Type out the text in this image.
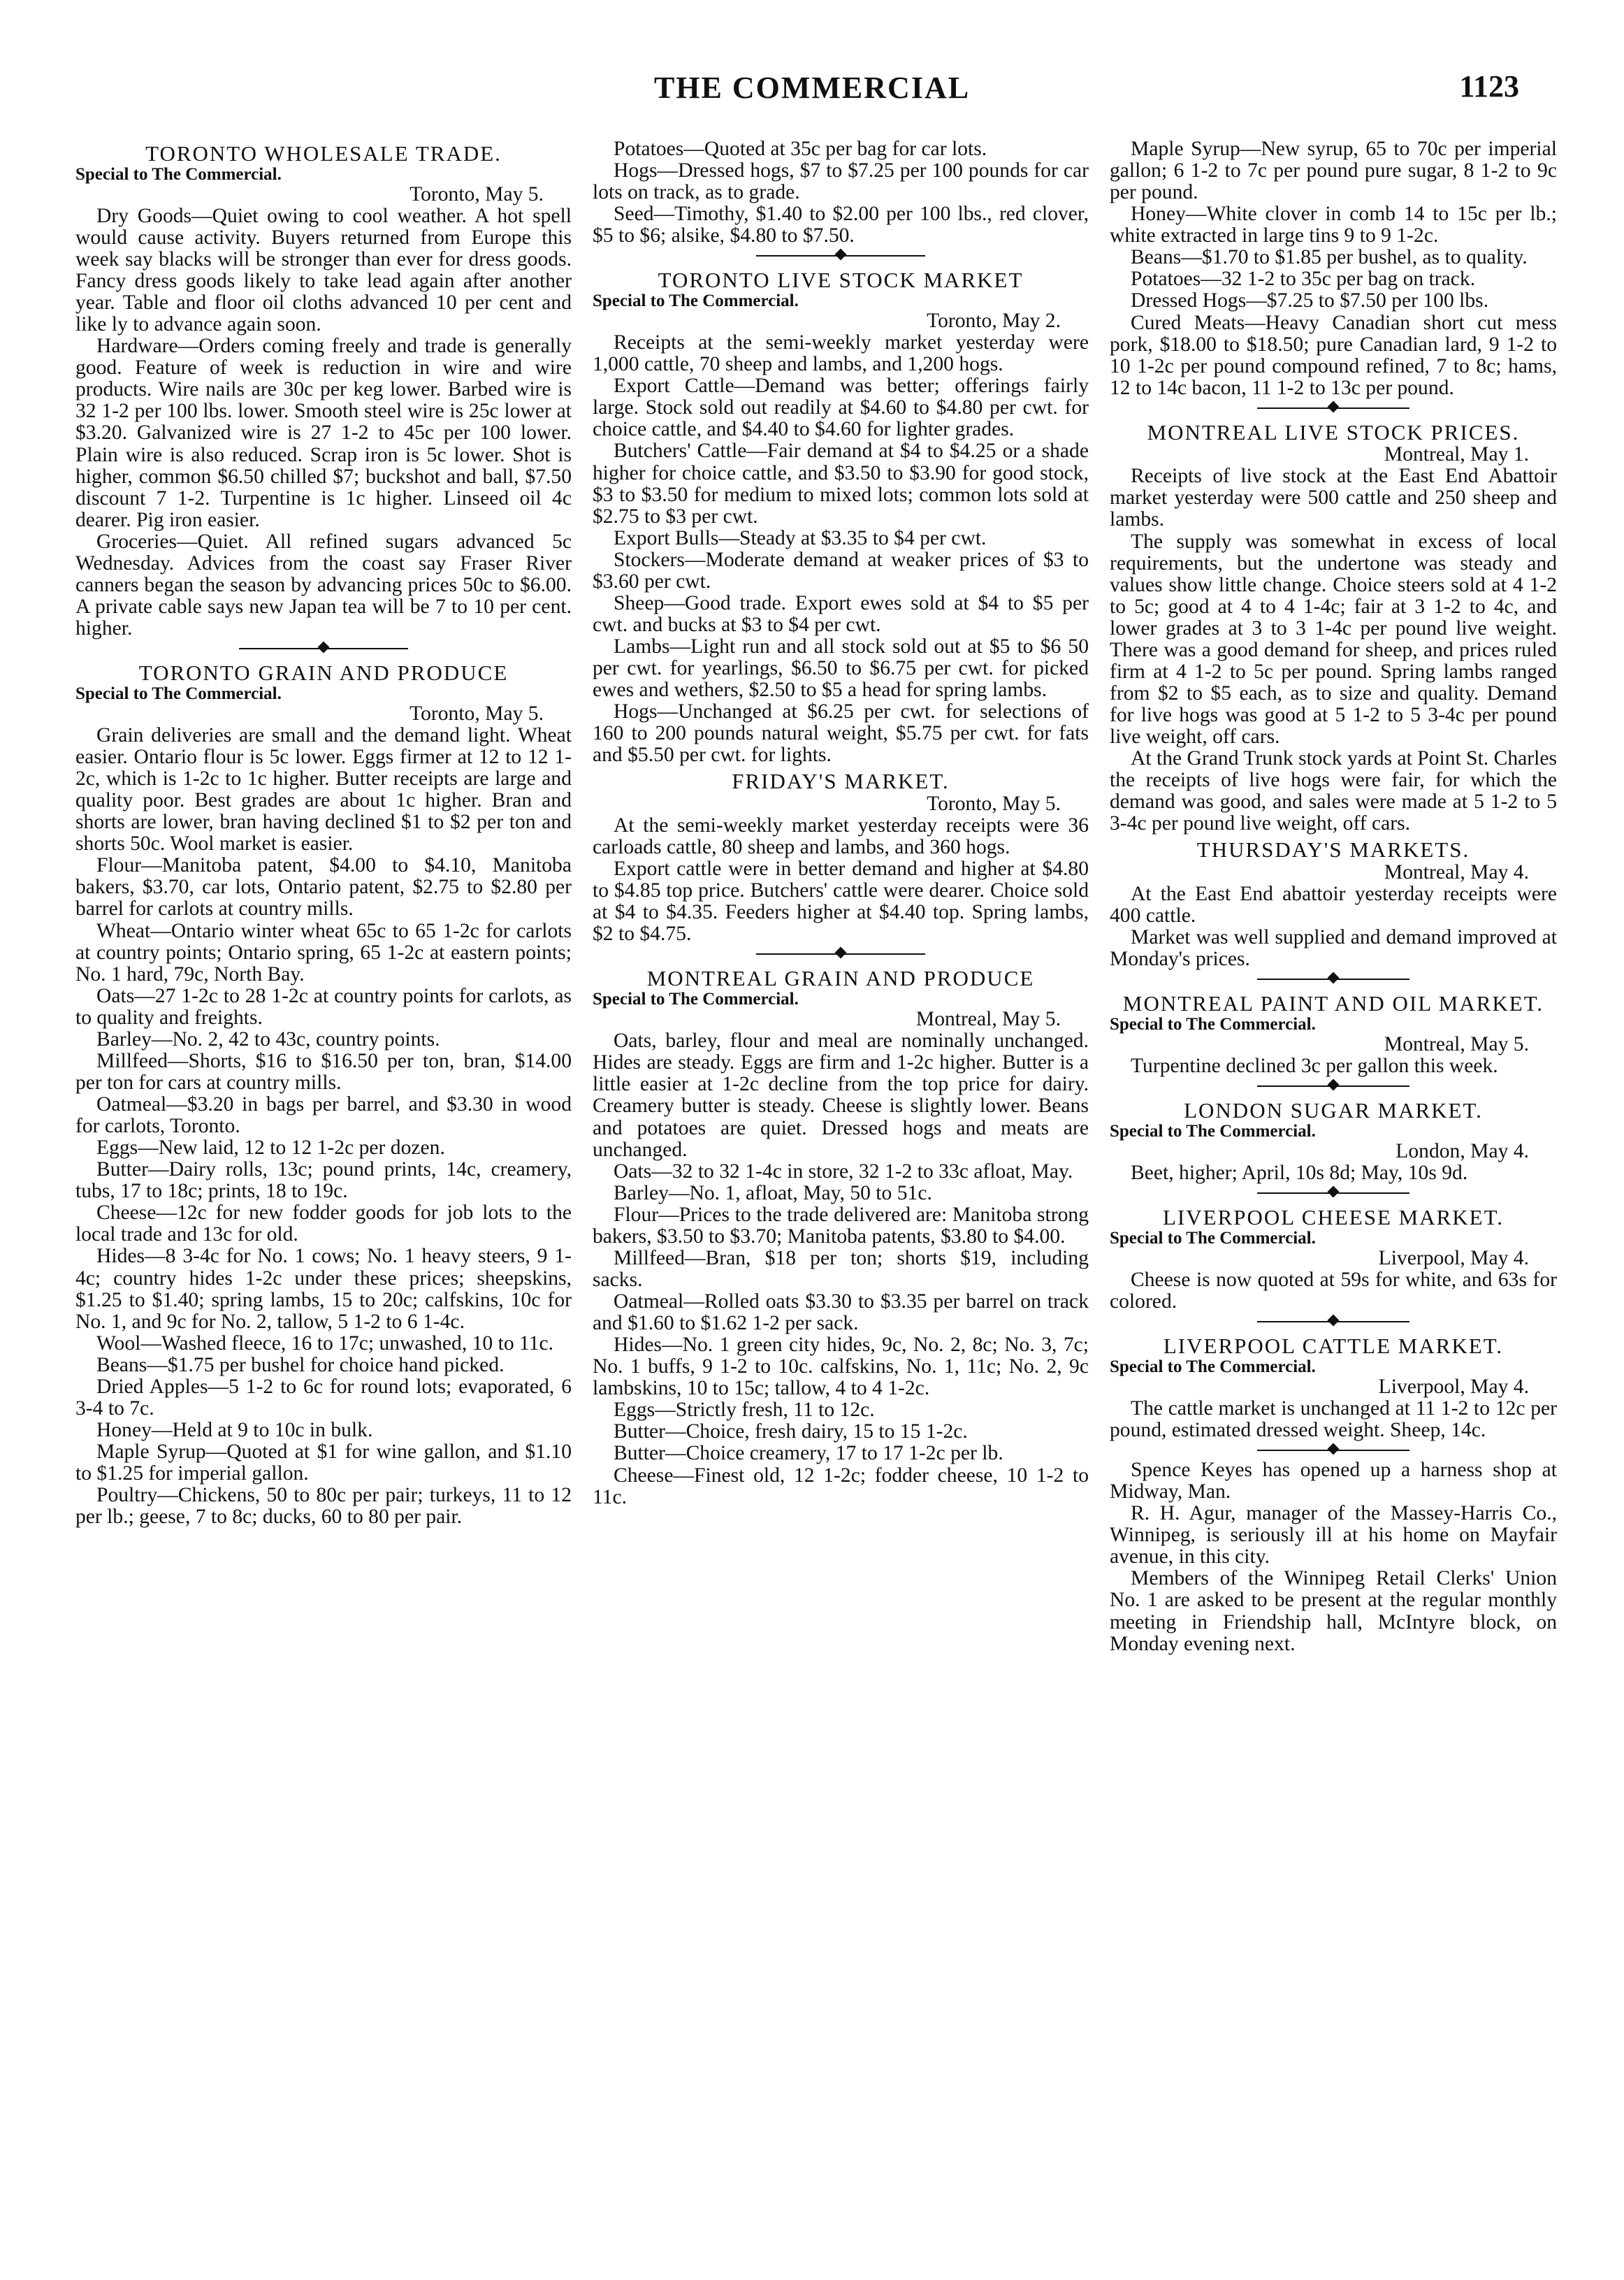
THE COMMERCIAL	1123
TORONTO WHOLESALE TRADE.
Special to The Commercial.
Toronto, May 5.

Dry Goods—Quiet owing to cool weather. A hot spell would cause activity. Buyers returned from Europe this week say blacks will be stronger than ever for dress goods. Fancy dress goods likely to take lead again after another year. Table and floor oil cloths advanced 10 per cent and like ly to advance again soon.

Hardware—Orders coming freely and trade is generally good. Feature of week is reduction in wire and wire products. Wire nails are 30c per keg lower. Barbed wire is 32 1-2 per 100 lbs. lower. Smooth steel wire is 25c lower at $3.20. Galvanized wire is 27 1-2 to 45c per 100 lower. Plain wire is also reduced. Scrap iron is 5c lower. Shot is higher, common $6.50 chilled $7; buckshot and ball, $7.50 discount 7 1-2. Turpentine is 1c higher. Linseed oil 4c dearer. Pig iron easier.

Groceries—Quiet. All refined sugars advanced 5c Wednesday. Advices from the coast say Fraser River canners began the season by advancing prices 50c to $6.00. A private cable says new Japan tea will be 7 to 10 per cent. higher.

TORONTO GRAIN AND PRODUCE
Special to The Commercial.
Toronto, May 5.

Grain deliveries are small and the demand light. Wheat easier. Ontario flour is 5c lower. Eggs firmer at 12 to 12 1-2c, which is 1-2c to 1c higher. Butter receipts are large and quality poor. Best grades are about 1c higher. Bran and shorts are lower, bran having declined $1 to $2 per ton and shorts 50c. Wool market is easier.

Flour—Manitoba patent, $4.00 to $4.10, Manitoba bakers, $3.70, car lots, Ontario patent, $2.75 to $2.80 per barrel for carlots at country mills.

Wheat—Ontario winter wheat 65c to 65 1-2c for carlots at country points; Ontario spring, 65 1-2c at eastern points; No. 1 hard, 79c, North Bay.

Oats—27 1-2c to 28 1-2c at country points for carlots, as to quality and freights.

Barley—No. 2, 42 to 43c, country points.

Millfeed—Shorts, $16 to $16.50 per ton, bran, $14.00 per ton for cars at country mills.

Oatmeal—$3.20 in bags per barrel, and $3.30 in wood for carlots, Toronto.

Eggs—New laid, 12 to 12 1-2c per dozen.

Butter—Dairy rolls, 13c; pound prints, 14c, creamery, tubs, 17 to 18c; prints, 18 to 19c.

Cheese—12c for new fodder goods for job lots to the local trade and 13c for old.

Hides—8 3-4c for No. 1 cows; No. 1 heavy steers, 9 1-4c; country hides 1-2c under these prices; sheepskins, $1.25 to $1.40; spring lambs, 15 to 20c; calfskins, 10c for No. 1, and 9c for No. 2, tallow, 5 1-2 to 6 1-4c.

Wool—Washed fleece, 16 to 17c; unwashed, 10 to 11c.

Beans—$1.75 per bushel for choice hand picked.

Dried Apples—5 1-2 to 6c for round lots; evaporated, 6 3-4 to 7c.

Honey—Held at 9 to 10c in bulk.

Maple Syrup—Quoted at $1 for wine gallon, and $1.10 to $1.25 for imperial gallon.

Poultry—Chickens, 50 to 80c per pair; turkeys, 11 to 12 per lb.; geese, 7 to 8c; ducks, 60 to 80 per pair.

Potatoes—Quoted at 35c per bag for car lots.

Hogs—Dressed hogs, $7 to $7.25 per 100 pounds for car lots on track, as to grade.

Seed—Timothy, $1.40 to $2.00 per 100 lbs., red clover, $5 to $6; alsike, $4.80 to $7.50.

TORONTO LIVE STOCK MARKET
Special to The Commercial.
Toronto, May 2.

Receipts at the semi-weekly market yesterday were 1,000 cattle, 70 sheep and lambs, and 1,200 hogs.

Export Cattle—Demand was better; offerings fairly large. Stock sold out readily at $4.60 to $4.80 per cwt. for choice cattle, and $4.40 to $4.60 for lighter grades.

Butchers' Cattle—Fair demand at $4 to $4.25 or a shade higher for choice cattle, and $3.50 to $3.90 for good stock, $3 to $3.50 for medium to mixed lots; common lots sold at $2.75 to $3 per cwt.

Export Bulls—Steady at $3.35 to $4 per cwt.

Stockers—Moderate demand at weaker prices of $3 to $3.60 per cwt.

Sheep—Good trade. Export ewes sold at $4 to $5 per cwt. and bucks at $3 to $4 per cwt.

Lambs—Light run and all stock sold out at $5 to $6 50 per cwt. for yearlings, $6.50 to $6.75 per cwt. for picked ewes and wethers, $2.50 to $5 a head for spring lambs.

Hogs—Unchanged at $6.25 per cwt. for selections of 160 to 200 pounds natural weight, $5.75 per cwt. for fats and $5.50 per cwt. for lights.

FRIDAY'S MARKET.
Toronto, May 5.

At the semi-weekly market yesterday receipts were 36 carloads cattle, 80 sheep and lambs, and 360 hogs.

Export cattle were in better demand and higher at $4.80 to $4.85 top price. Butchers' cattle were dearer. Choice sold at $4 to $4.35. Feeders higher at $4.40 top. Spring lambs, $2 to $4.75.

MONTREAL GRAIN AND PRODUCE
Special to The Commercial.
Montreal, May 5.

Oats, barley, flour and meal are nominally unchanged. Hides are steady. Eggs are firm and 1-2c higher. Butter is a little easier at 1-2c decline from the top price for dairy. Creamery butter is steady. Cheese is slightly lower. Beans and potatoes are quiet. Dressed hogs and meats are unchanged.

Oats—32 to 32 1-4c in store, 32 1-2 to 33c afloat, May.

Barley—No. 1, afloat, May, 50 to 51c.

Flour—Prices to the trade delivered are: Manitoba strong bakers, $3.50 to $3.70; Manitoba patents, $3.80 to $4.00.

Millfeed—Bran, $18 per ton; shorts $19, including sacks.

Oatmeal—Rolled oats $3.30 to $3.35 per barrel on track and $1.60 to $1.62 1-2 per sack.

Hides—No. 1 green city hides, 9c, No. 2, 8c; No. 3, 7c; No. 1 buffs, 9 1-2 to 10c. calfskins, No. 1, 11c; No. 2, 9c lambskins, 10 to 15c; tallow, 4 to 4 1-2c.

Eggs—Strictly fresh, 11 to 12c.

Butter—Choice, fresh dairy, 15 to 15 1-2c.

Butter—Choice creamery, 17 to 17 1-2c per lb.

Cheese—Finest old, 12 1-2c; fodder cheese, 10 1-2 to 11c.

Maple Syrup—New syrup, 65 to 70c per imperial gallon; 6 1-2 to 7c per pound pure sugar, 8 1-2 to 9c per pound.

Honey—White clover in comb 14 to 15c per lb.; white extracted in large tins 9 to 9 1-2c.

Beans—$1.70 to $1.85 per bushel, as to quality.

Potatoes—32 1-2 to 35c per bag on track.

Dressed Hogs—$7.25 to $7.50 per 100 lbs.

Cured Meats—Heavy Canadian short cut mess pork, $18.00 to $18.50; pure Canadian lard, 9 1-2 to 10 1-2c per pound compound refined, 7 to 8c; hams, 12 to 14c bacon, 11 1-2 to 13c per pound.

MONTREAL LIVE STOCK PRICES.
Montreal, May 1.

Receipts of live stock at the East End Abattoir market yesterday were 500 cattle and 250 sheep and lambs.

The supply was somewhat in excess of local requirements, but the undertone was steady and values show little change. Choice steers sold at 4 1-2 to 5c; good at 4 to 4 1-4c; fair at 3 1-2 to 4c, and lower grades at 3 to 3 1-4c per pound live weight. There was a good demand for sheep, and prices ruled firm at 4 1-2 to 5c per pound. Spring lambs ranged from $2 to $5 each, as to size and quality. Demand for live hogs was good at 5 1-2 to 5 3-4c per pound live weight, off cars.

At the Grand Trunk stock yards at Point St. Charles the receipts of live hogs were fair, for which the demand was good, and sales were made at 5 1-2 to 5 3-4c per pound live weight, off cars.

THURSDAY'S MARKETS.
Montreal, May 4.

At the East End abattoir yesterday receipts were 400 cattle.

Market was well supplied and demand improved at Monday's prices.

MONTREAL PAINT AND OIL MARKET.
Special to The Commercial.
Montreal, May 5.

Turpentine declined 3c per gallon this week.

LONDON SUGAR MARKET.
Special to The Commercial.
London, May 4.

Beet, higher; April, 10s 8d; May, 10s 9d.

LIVERPOOL CHEESE MARKET.
Special to The Commercial.
Liverpool, May 4.

Cheese is now quoted at 59s for white, and 63s for colored.

LIVERPOOL CATTLE MARKET.
Special to The Commercial.
Liverpool, May 4.

The cattle market is unchanged at 11 1-2 to 12c per pound, estimated dressed weight. Sheep, 14c.

Spence Keyes has opened up a harness shop at Midway, Man.

R. H. Agur, manager of the Massey-Harris Co., Winnipeg, is seriously ill at his home on Mayfair avenue, in this city.

Members of the Winnipeg Retail Clerks' Union No. 1 are asked to be present at the regular monthly meeting in Friendship hall, McIntyre block, on Monday evening next.
